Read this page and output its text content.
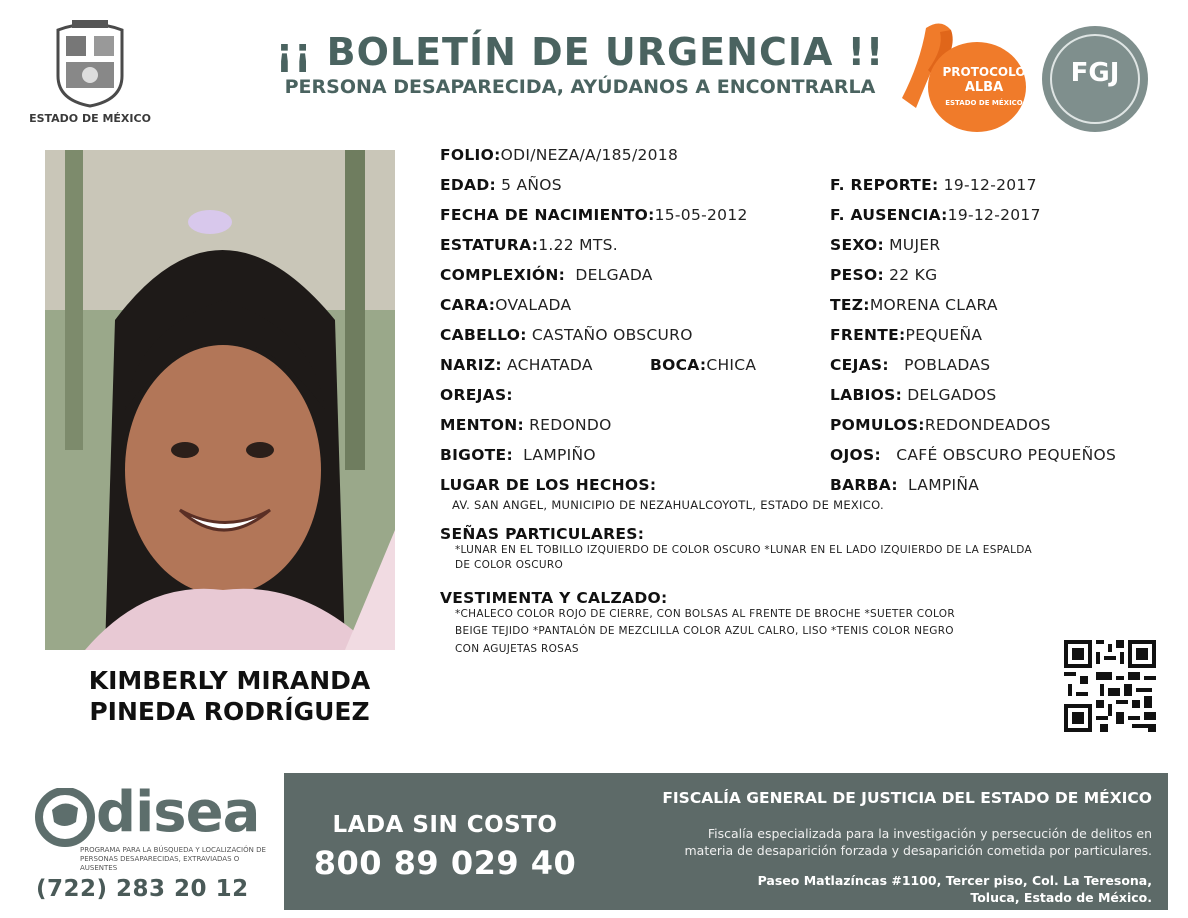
ESTADO DE MÉXICO
¡¡ BOLETÍN DE URGENCIA !!
PERSONA DESAPARECIDA, AYÚDANOS A ENCONTRARLA
PROTOCOLO
ALBA
ESTADO DE MÉXICO
FGJ
KIMBERLY MIRANDA
PINEDA RODRÍGUEZ
FOLIO:ODI/NEZA/A/185/2018
EDAD: 5 AÑOS
FECHA DE NACIMIENTO:15-05-2012
ESTATURA:1.22 MTS.
COMPLEXIÓN: DELGADA
CARA:OVALADA
CABELLO: CASTAÑO OBSCURO
NARIZ: ACHATADA	BOCA:CHICA
OREJAS:
MENTON: REDONDO
BIGOTE: LAMPIÑO
LUGAR DE LOS HECHOS:
AV. SAN ANGEL, MUNICIPIO DE NEZAHUALCOYOTL, ESTADO DE MEXICO.
F. REPORTE: 19-12-2017
F. AUSENCIA:19-12-2017
SEXO: MUJER
PESO: 22 KG
TEZ:MORENA CLARA
FRENTE:PEQUEÑA
CEJAS: POBLADAS
LABIOS: DELGADOS
POMULOS:REDONDEADOS
OJOS: CAFÉ OBSCURO PEQUEÑOS
BARBA: LAMPIÑA
SEÑAS PARTICULARES:
*LUNAR EN EL TOBILLO IZQUIERDO DE COLOR OSCURO *LUNAR EN EL LADO IZQUIERDO DE LA ESPALDA
DE COLOR OSCURO
VESTIMENTA Y CALZADO:
*CHALECO COLOR ROJO DE CIERRE, CON BOLSAS AL FRENTE DE BROCHE *SUETER COLOR
BEIGE TEJIDO *PANTALÓN DE MEZCLILLA COLOR AZUL CALRO, LISO *TENIS COLOR NEGRO
CON AGUJETAS ROSAS
disea
PROGRAMA PARA LA BÚSQUEDA Y LOCALIZACIÓN DE PERSONAS DESAPARECIDAS, EXTRAVIADAS O AUSENTES
(722) 283 20 12
LADA SIN COSTO
800 89 029 40
FISCALÍA GENERAL DE JUSTICIA DEL ESTADO DE MÉXICO
Fiscalía especializada para la investigación y persecución de delitos en
materia de desaparición forzada y desaparición cometida por particulares.
Paseo Matlazíncas #1100, Tercer piso, Col. La Teresona,
Toluca, Estado de México.
